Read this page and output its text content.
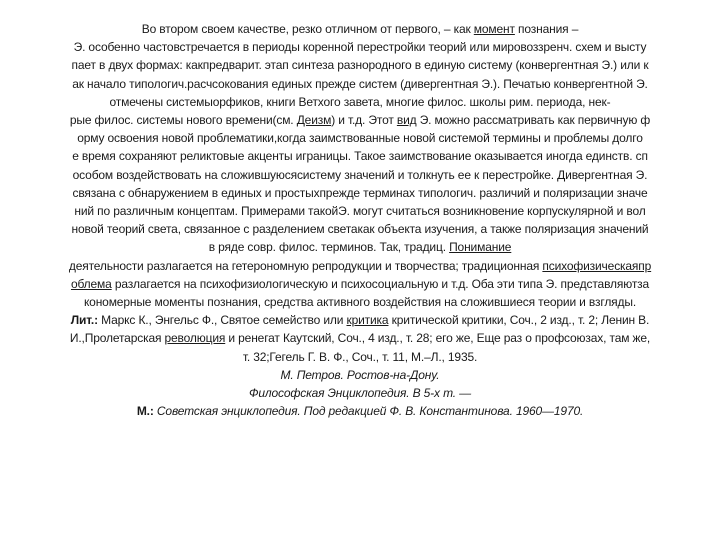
Во втором своем качестве, резко отличном от первого, – как момент познания –
Э. особенно частовстречается в периоды коренной перестройки теорий или мировоззренч. схем и высту
пает в двух формах: какпредварит. этап синтеза разнородного в единую систему (конвергентная Э.) или к
ак начало типологич.расчсокования единых прежде систем (дивергентная Э.). Печатью конвергентной Э.
отмечены системыорфиков, книги Ветхого завета, многие филос. школы рим. периода, нек-
рые филос. системы нового времени(см. Деизм) и т.д. Этот вид Э. можно рассматривать как первичную ф
орму освоения новой проблематики,когда заимствованные новой системой термины и проблемы долго
е время сохраняют реликтовые акценты играницы. Такое заимствование оказывается иногда единств. сп
особом воздействовать на сложившуюсясистему значений и толкнуть ее к перестройке. Дивергентная Э.
связана с обнаружением в единых и простыхпрежде терминах типологич. различий и поляризации значе
ний по различным концептам. Примерами такойЭ. могут считаться возникновение корпускулярной и вол
новой теорий света, связанное с разделением светакак объекта изучения, а также поляризация значений
в ряде совр. филос. терминов. Так, традиц. Понимание
деятельности разлагается на гетерономную репродукции и творчества; традиционная психофизическаяпр
облема разлагается на психофизиологическую и психосоциальную и т.д. Оба эти типа Э. представляютза
кономерные моменты познания, средства активного воздействия на сложившиеся теории и взгляды.
Лит.: Маркс К., Энгельс Ф., Святое семейство или критика критической критики, Соч., 2 изд., т. 2; Ленин В.
И.,Пролетарская революция и ренегат Каутский, Соч., 4 изд., т. 28; его же, Еще раз о профсоюзах, там же,
т. 32;Гегель Г. В. Ф., Соч., т. 11, М.–Л., 1935.
М. Петров. Ростов-на-Дону.
Философская Энциклопедия. В 5-х т. —
М.: Советская энциклопедия. Под редакцией Ф. В. Константинова. 1960—1970.
